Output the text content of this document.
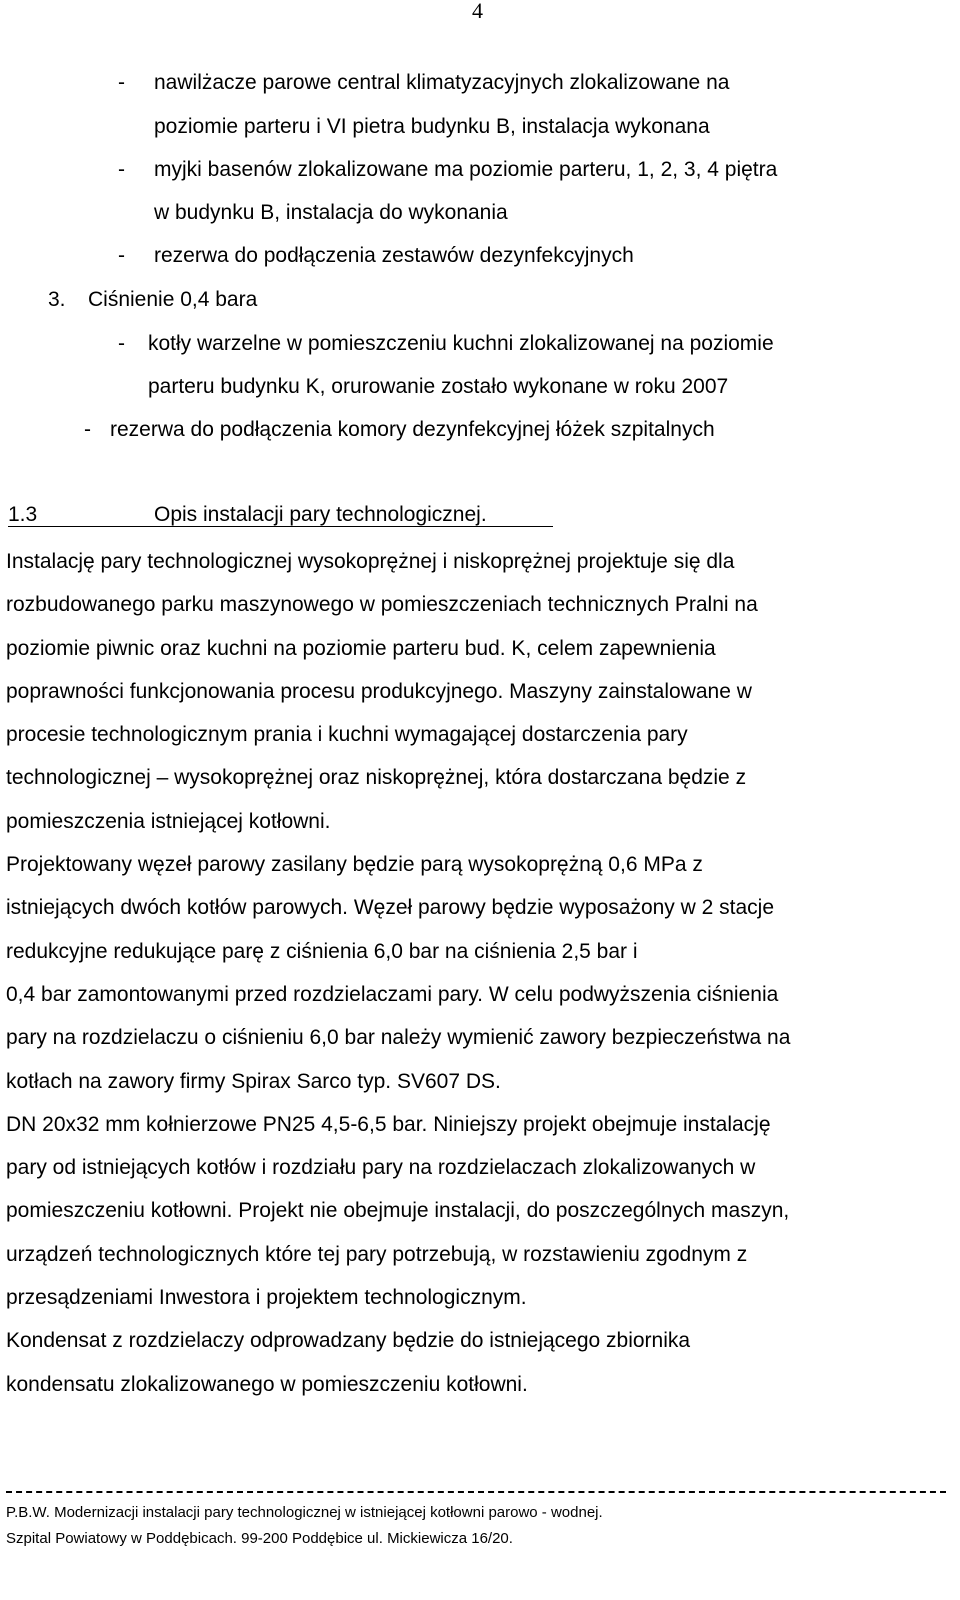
4
- nawilżacze parowe central klimatyzacyjnych zlokalizowane na
poziomie parteru i VI pietra budynku B, instalacja wykonana
- myjki basenów zlokalizowane ma poziomie parteru, 1, 2, 3, 4 piętra
w budynku B, instalacja do wykonania
- rezerwa do podłączenia zestawów dezynfekcyjnych
3. Ciśnienie 0,4 bara
- kotły warzelne w pomieszczeniu kuchni zlokalizowanej na poziomie
parteru budynku K, orurowanie zostało wykonane w roku 2007
- rezerwa do podłączenia komory dezynfekcyjnej łóżek szpitalnych
1.3	Opis instalacji pary technologicznej.
Instalację pary technologicznej wysokoprężnej i niskoprężnej projektuje się dla
rozbudowanego parku maszynowego w pomieszczeniach technicznych Pralni na
poziomie piwnic oraz kuchni na poziomie parteru bud. K, celem zapewnienia
poprawności funkcjonowania procesu produkcyjnego. Maszyny zainstalowane w
procesie technologicznym prania i kuchni wymagającej dostarczenia pary
technologicznej – wysokoprężnej oraz niskoprężnej, która dostarczana będzie z
pomieszczenia istniejącej kotłowni.
Projektowany węzeł parowy zasilany będzie parą wysokoprężną 0,6 MPa z
istniejących dwóch kotłów parowych. Węzeł parowy będzie wyposażony w 2 stacje
redukcyjne redukujące parę z ciśnienia 6,0 bar na ciśnienia 2,5 bar i
0,4 bar zamontowanymi przed rozdzielaczami pary. W celu podwyższenia ciśnienia
pary na rozdzielaczu o ciśnieniu 6,0 bar należy wymienić zawory bezpieczeństwa na
kotłach na zawory firmy Spirax Sarco typ. SV607 DS.
DN 20x32 mm kołnierzowe PN25 4,5-6,5 bar. Niniejszy projekt obejmuje instalację
pary od istniejących kotłów i rozdziału pary na rozdzielaczach zlokalizowanych w
pomieszczeniu kotłowni. Projekt nie obejmuje instalacji, do poszczególnych maszyn,
urządzeń technologicznych które tej pary potrzebują, w rozstawieniu zgodnym z
przesądzeniami Inwestora i projektem technologicznym.
Kondensat z rozdzielaczy odprowadzany będzie do istniejącego zbiornika
kondensatu zlokalizowanego w pomieszczeniu kotłowni.
P.B.W. Modernizacji instalacji pary technologicznej w istniejącej kotłowni parowo - wodnej.
Szpital Powiatowy w Poddębicach. 99-200 Poddębice ul. Mickiewicza 16/20.
